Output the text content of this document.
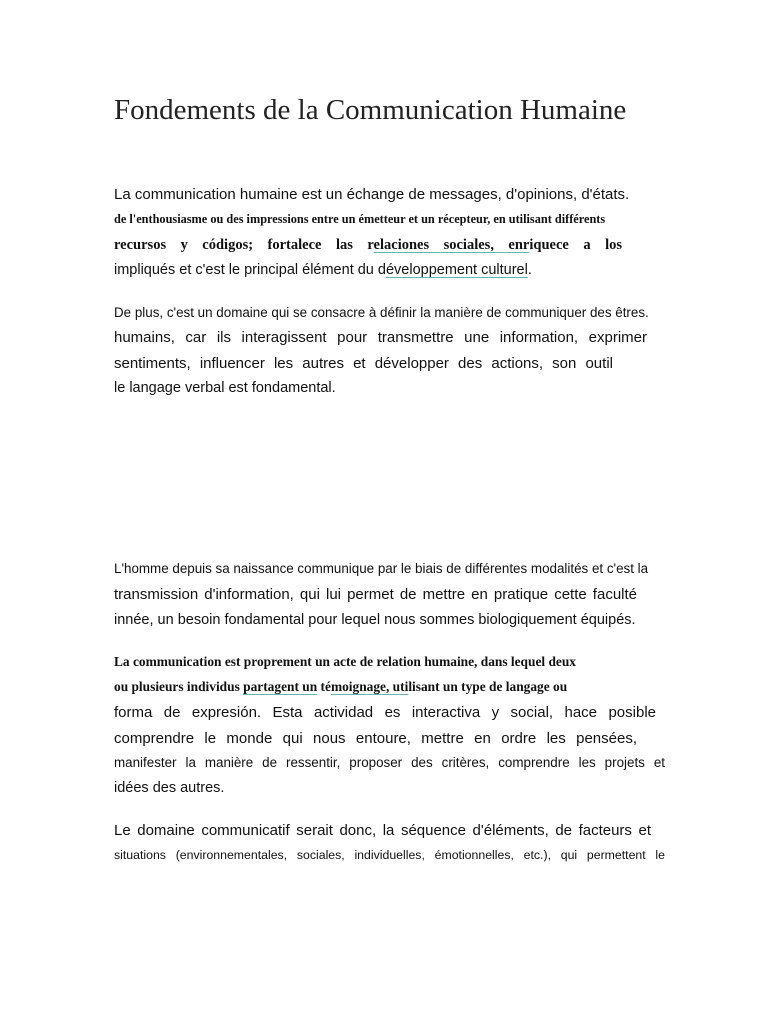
Fondements de la Communication Humaine

La communication humaine est un échange de messages, d'opinions, d'états.

de l'enthousiasme ou des impressions entre un émetteur et un récepteur, en utilisant différents

recursos y códigos; fortalece las relaciones sociales, enriquece a los

impliqués et c'est le principal élément du développement culturel.

De plus, c'est un domaine qui se consacre à définir la manière de communiquer des êtres.

humains, car ils interagissent pour transmettre une information, exprimer

sentiments, influencer les autres et développer des actions, son outil

le langage verbal est fondamental.

L'homme depuis sa naissance communique par le biais de différentes modalités et c'est la

transmission d'information, qui lui permet de mettre en pratique cette faculté

innée, un besoin fondamental pour lequel nous sommes biologiquement équipés.

La communication est proprement un acte de relation humaine, dans lequel deux

ou plusieurs individus partagent un témoignage, utilisant un type de langage ou

forma de expresión. Esta actividad es interactiva y social, hace posible

comprendre le monde qui nous entoure, mettre en ordre les pensées,

manifester la manière de ressentir, proposer des critères, comprendre les projets et

idées des autres.

Le domaine communicatif serait donc, la séquence d'éléments, de facteurs et

situations (environnementales, sociales, individuelles, émotionnelles, etc.), qui permettent le
